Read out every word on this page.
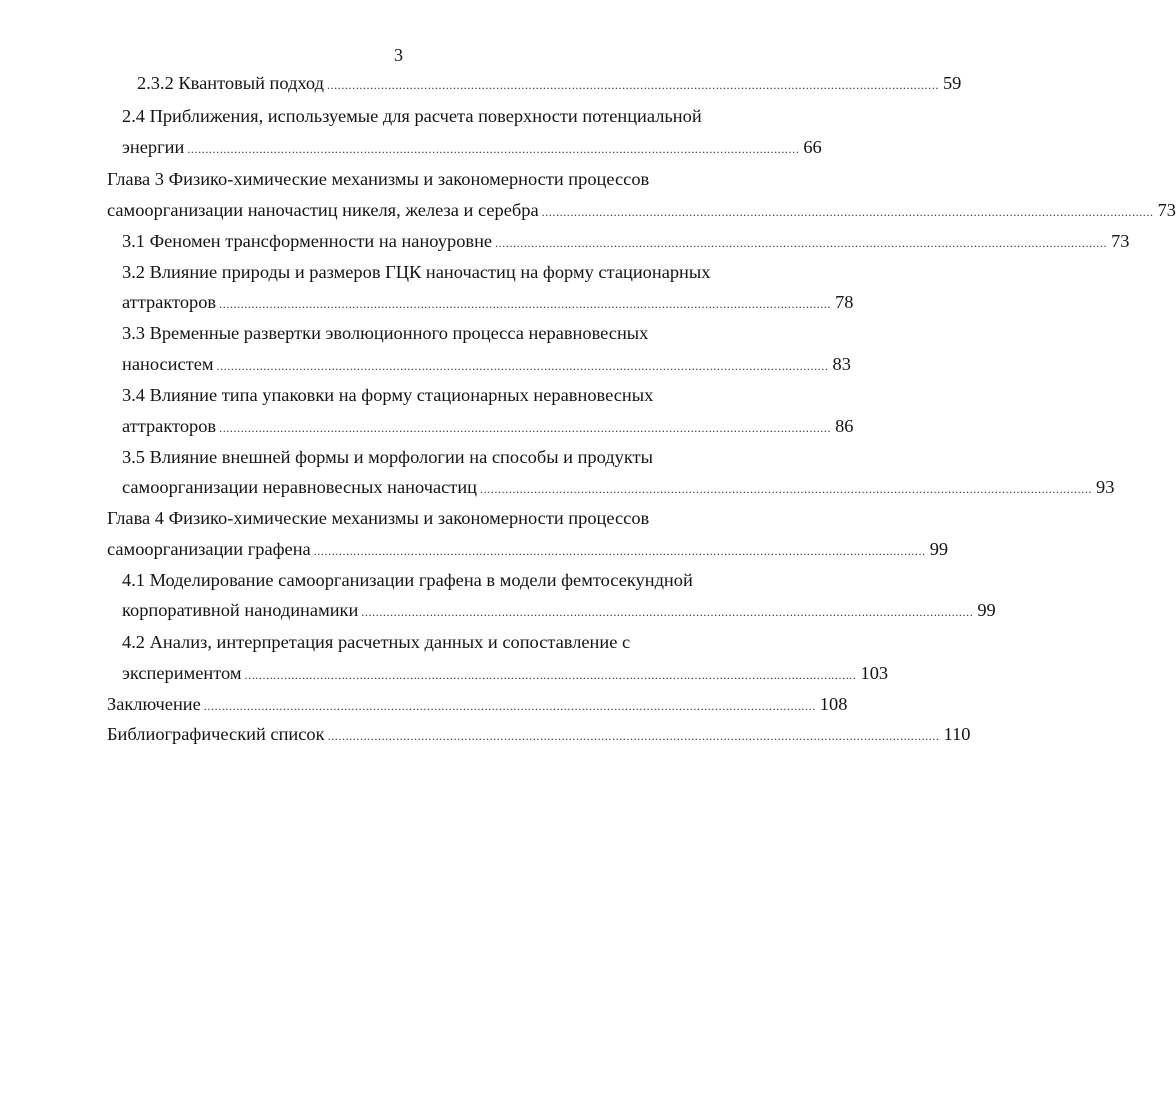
3
2.3.2 Квантовый подход .......................................................................................................................................................................... 59
2.4 Приближения, используемые для расчета поверхности потенциальной
энергии .......................................................................................................................................................................... 66
Глава 3 Физико-химические механизмы и закономерности процессов
самоорганизации наночастиц никеля, железа и серебра .......................................................................................................................................................................... 73
3.1 Феномен трансформенности на наноуровне .......................................................................................................................................................................... 73
3.2 Влияние природы и размеров ГЦК наночастиц на форму стационарных
аттракторов .......................................................................................................................................................................... 78
3.3 Временные развертки эволюционного процесса неравновесных
наносистем .......................................................................................................................................................................... 83
3.4 Влияние типа упаковки на форму стационарных неравновесных
аттракторов .......................................................................................................................................................................... 86
3.5 Влияние внешней формы и морфологии на способы и продукты
самоорганизации неравновесных наночастиц .......................................................................................................................................................................... 93
Глава 4 Физико-химические механизмы и закономерности процессов
самоорганизации графена .......................................................................................................................................................................... 99
4.1 Моделирование самоорганизации графена в модели фемтосекундной
корпоративной нанодинамики .......................................................................................................................................................................... 99
4.2 Анализ, интерпретация расчетных данных и сопоставление с
экспериментом .......................................................................................................................................................................... 103
Заключение .......................................................................................................................................................................... 108
Библиографический список .......................................................................................................................................................................... 110
